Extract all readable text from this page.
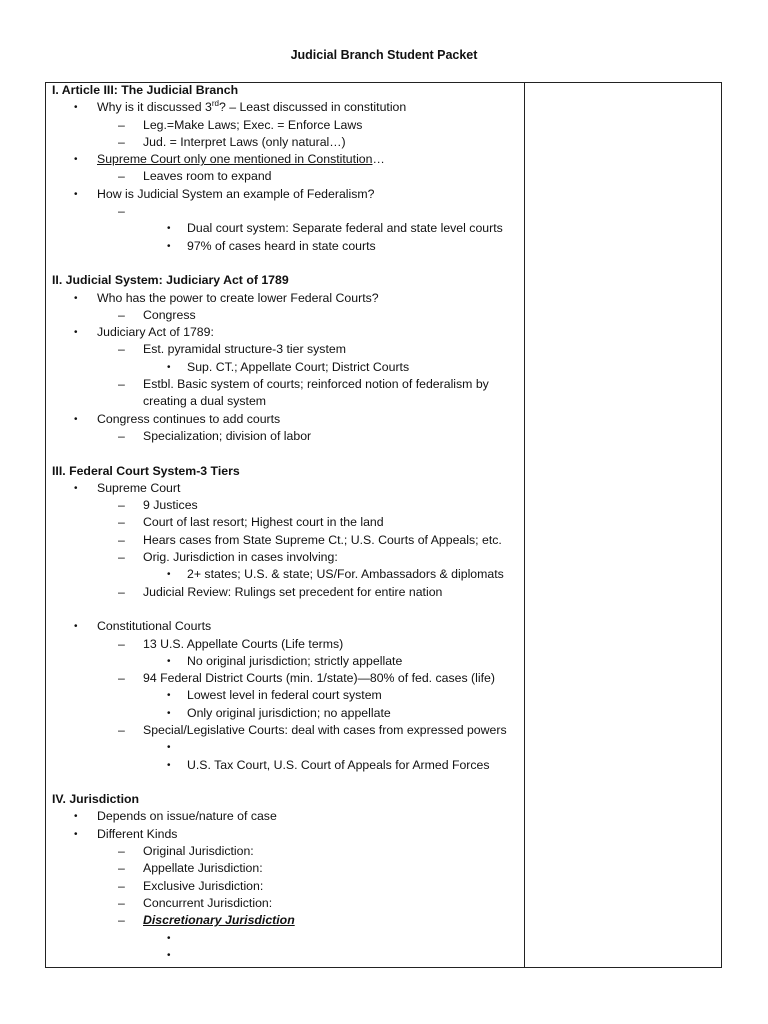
Judicial Branch Student Packet
I. Article III: The Judicial Branch
• Why is it discussed 3rd? – Least discussed in constitution
– Leg.=Make Laws; Exec. = Enforce Laws
– Jud. = Interpret Laws (only natural…)
• Supreme Court only one mentioned in Constitution…
– Leaves room to expand
• How is Judicial System an example of Federalism?
–
• Dual court system: Separate federal and state level courts
• 97% of cases heard in state courts
II. Judicial System: Judiciary Act of 1789
• Who has the power to create lower Federal Courts?
– Congress
• Judiciary Act of 1789:
– Est. pyramidal structure-3 tier system
• Sup. CT.; Appellate Court; District Courts
– Estbl. Basic system of courts; reinforced notion of federalism by creating a dual system
• Congress continues to add courts
– Specialization; division of labor
III. Federal Court System-3 Tiers
• Supreme Court
– 9 Justices
– Court of last resort; Highest court in the land
– Hears cases from State Supreme Ct.; U.S. Courts of Appeals; etc.
– Orig. Jurisdiction in cases involving:
• 2+ states; U.S. & state; US/For. Ambassadors & diplomats
– Judicial Review: Rulings set precedent for entire nation
• Constitutional Courts
– 13 U.S. Appellate Courts (Life terms)
• No original jurisdiction; strictly appellate
– 94 Federal District Courts (min. 1/state)—80% of fed. cases (life)
• Lowest level in federal court system
• Only original jurisdiction; no appellate
– Special/Legislative Courts: deal with cases from expressed powers
•
• U.S. Tax Court, U.S. Court of Appeals for Armed Forces
IV. Jurisdiction
• Depends on issue/nature of case
• Different Kinds
– Original Jurisdiction:
– Appellate Jurisdiction:
– Exclusive Jurisdiction:
– Concurrent Jurisdiction:
– Discretionary Jurisdiction
•
•
